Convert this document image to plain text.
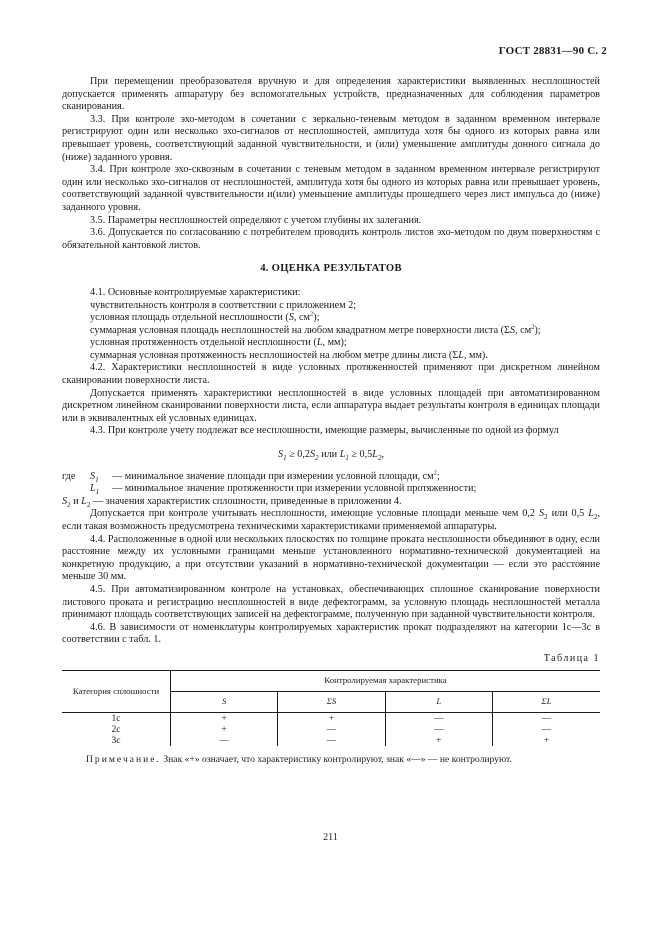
ГОСТ 28831—90 С. 2

При перемещении преобразователя вручную и для определения характеристики выявленных несплошностей допускается применять аппаратуру без вспомогательных устройств, предназначенных для соблюдения параметров сканирования.

3.3. При контроле эхо-методом в сочетании с зеркально-теневым методом в заданном временном интервале регистрируют один или несколько эхо-сигналов от несплошностей, амплитуда хотя бы одного из которых равна или превышает уровень, соответствующий заданной чувствительности, и (или) уменьшение амплитуды донного сигнала до (ниже) заданного уровня.

3.4. При контроле эхо-сквозным в сочетании с теневым методом в заданном временном интервале регистрируют один или несколько эхо-сигналов от несплошностей, амплитуда хотя бы одного из которых равна или превышает уровень, соответствующий заданной чувствительности и(или) уменьшение амплитуды прошедшего через лист импульса до (ниже) заданного уровня.

3.5. Параметры несплошностей определяют с учетом глубины их залегания.

3.6. Допускается по согласованию с потребителем проводить контроль листов эхо-методом по двум поверхностям с обязательной кантовкой листов.

4. ОЦЕНКА РЕЗУЛЬТАТОВ

4.1. Основные контролируемые характеристики:

чувствительность контроля в соответствии с приложением 2;

условная площадь отдельной несплошности (S, $см^2$);

суммарная условная площадь несплошностей на любом квадратном метре поверхности листа (ΣS, $см^2$);

условная протяженность отдельной несплошности (L, мм);

суммарная условная протяженность несплошностей на любом метре длины листа (ΣL, мм).

4.2. Характеристики несплошностей в виде условных протяженностей применяют при дискретном линейном сканировании поверхности листа.

Допускается применять характеристики несплошностей в виде условных площадей при автоматизированном дискретном линейном сканировании поверхности листа, если аппаратура выдает результаты контроля в единицах площади или в эквивалентных ей условных единицах.

4.3. При контроле учету подлежат все несплошности, имеющие размеры, вычисленные по одной из формул

$S_1 \ge 0,2S_2$ или $L_1 \ge 0,5L_2$,
где	$S_1$	— минимальное значение площади при измерении условной площади, $см^2$;
$L_1$	— минимальное значение протяженности при измерении условной протяженности;
$S_2$ и $L_2$ — значения характеристик сплошности, приведенные в приложении 4.

Допускается при контроле учитывать несплошности, имеющие условные площади меньше чем 0,2 $S_2$ или 0,5 $L_2$, если такая возможность предусмотрена техническими характеристиками применяемой аппаратуры.

4.4. Расположенные в одной или нескольких плоскостях по толщине проката несплошности объединяют в одну, если расстояние между их условными границами меньше установленного нормативно-технической документацией на конкретную продукцию, а при отсутствии указаний в нормативно-технической документации — если это расстояние меньше 30 мм.

4.5. При автоматизированном контроле на установках, обеспечивающих сплошное сканирование поверхности листового проката и регистрацию несплошностей в виде дефектограмм, за условную площадь несплошностей металла принимают площадь соответствующих записей на дефектограмме, полученную при заданной чувствительности контроля.

4.6. В зависимости от номенклатуры контролируемых характеристик прокат подразделяют на категории 1с—3с в соответствии с табл. 1.

Таблица 1
Категория сплошности	Контролируемая характеристика			
	S	ΣS	L	ΣL
1с	+	+	—	—
2с	+	—	—	—
3с	—	—	+	+

Примечание. Знак «+» означает, что характеристику контролируют, знак «—» — не контролируют.

211
